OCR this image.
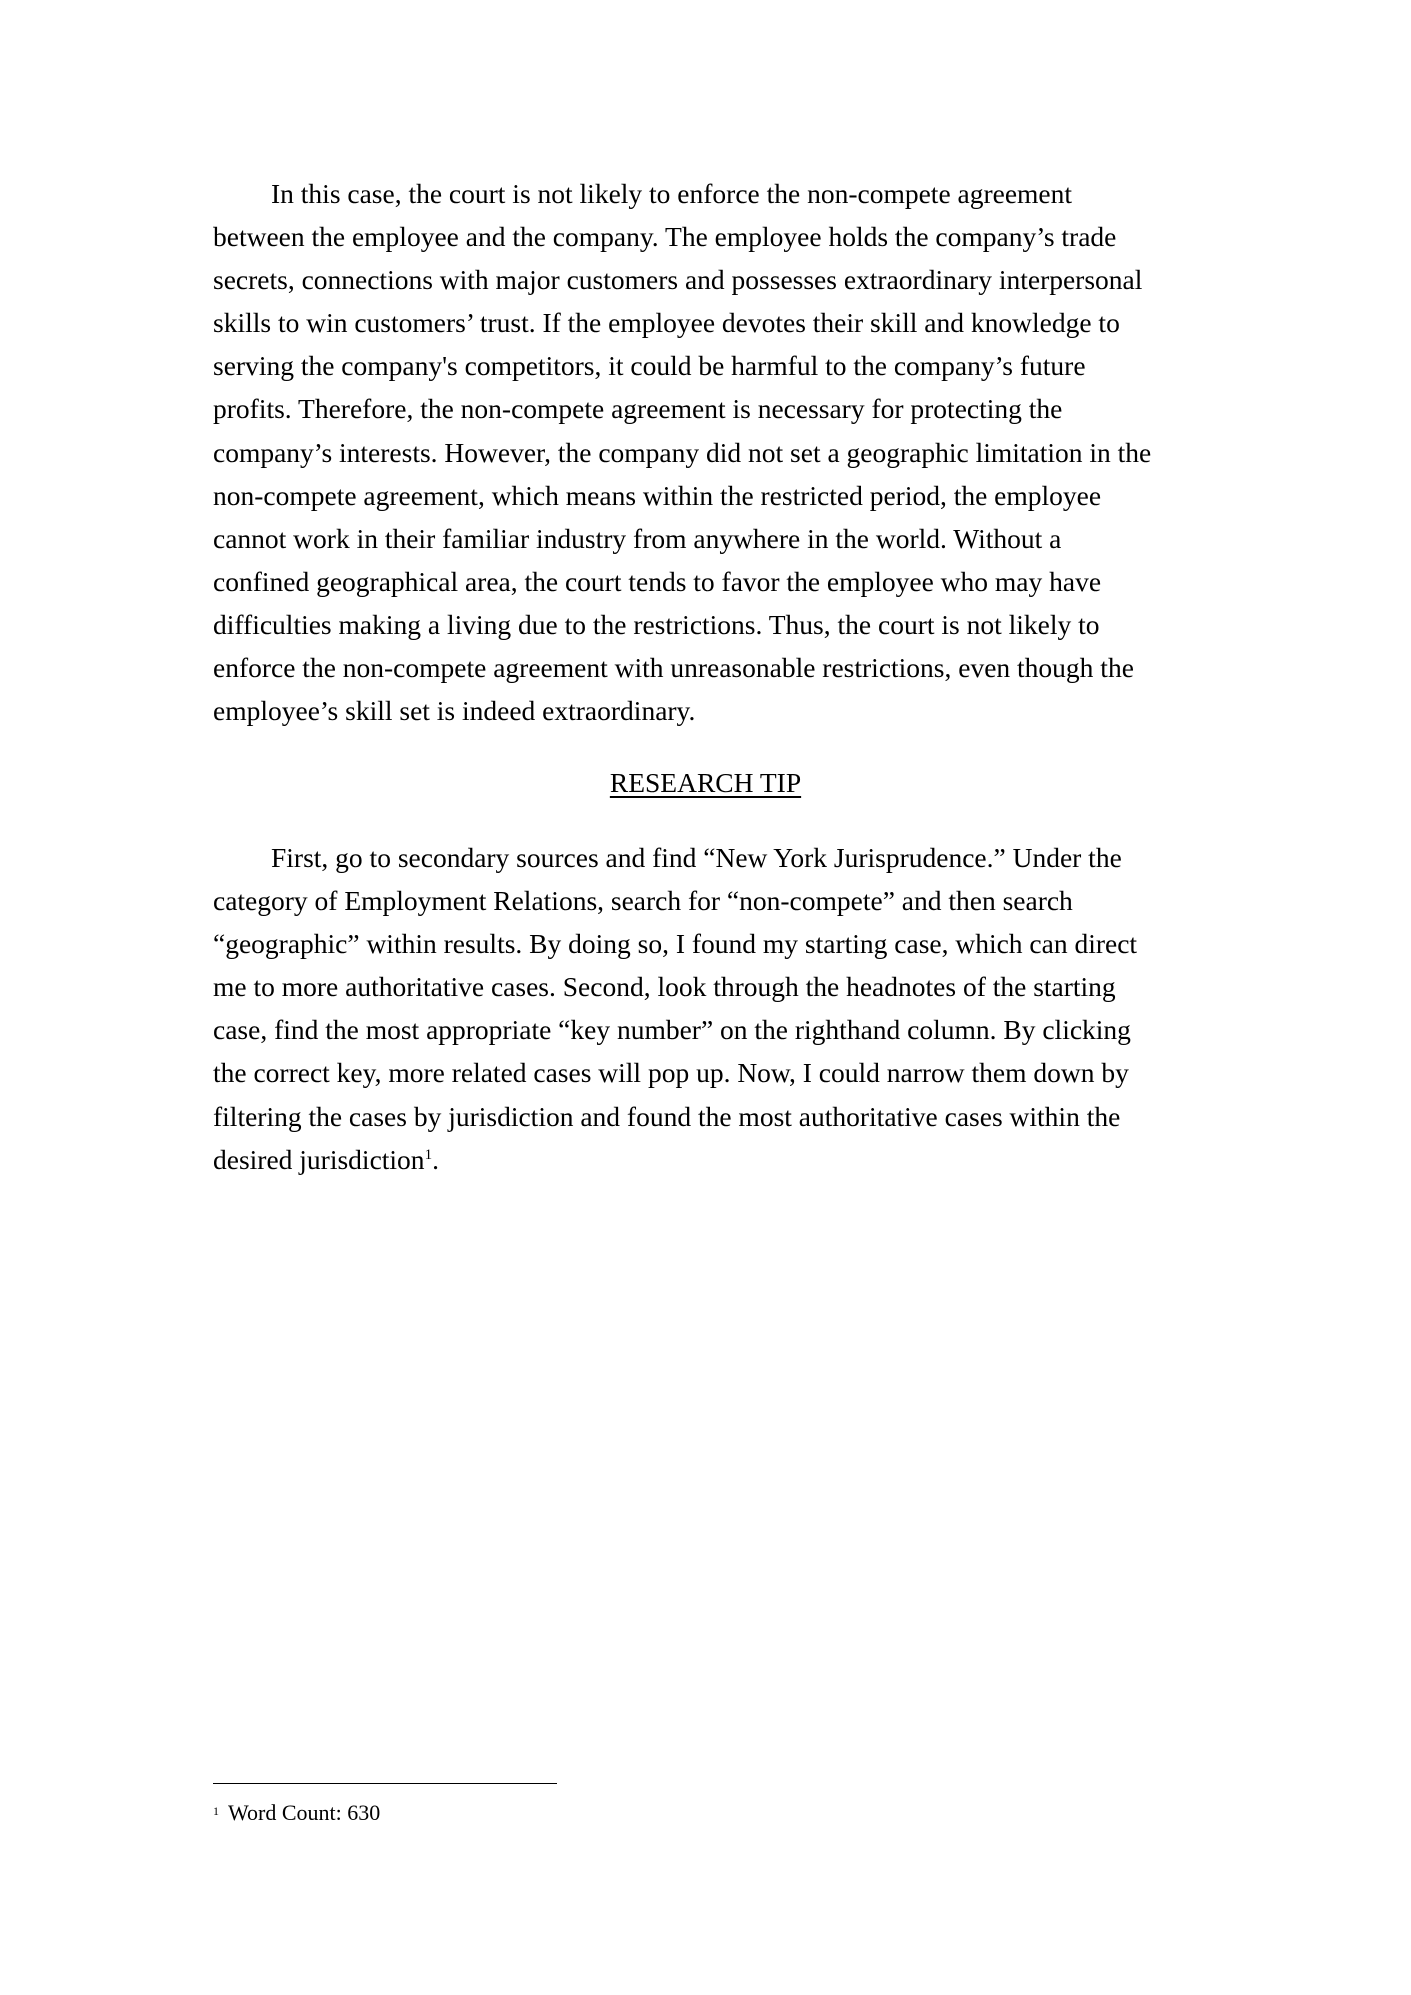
In this case, the court is not likely to enforce the non-compete agreement
between the employee and the company. The employee holds the company’s trade
secrets, connections with major customers and possesses extraordinary interpersonal
skills to win customers’ trust. If the employee devotes their skill and knowledge to
serving the company's competitors, it could be harmful to the company’s future
profits. Therefore, the non-compete agreement is necessary for protecting the
company’s interests. However, the company did not set a geographic limitation in the
non-compete agreement, which means within the restricted period, the employee
cannot work in their familiar industry from anywhere in the world. Without a
confined geographical area, the court tends to favor the employee who may have
difficulties making a living due to the restrictions. Thus, the court is not likely to
enforce the non-compete agreement with unreasonable restrictions, even though the
employee’s skill set is indeed extraordinary.
RESEARCH TIP
First, go to secondary sources and find “New York Jurisprudence.” Under the
category of Employment Relations, search for “non-compete” and then search
“geographic” within results. By doing so, I found my starting case, which can direct
me to more authoritative cases. Second, look through the headnotes of the starting
case, find the most appropriate “key number” on the righthand column. By clicking
the correct key, more related cases will pop up. Now, I could narrow them down by
filtering the cases by jurisdiction and found the most authoritative cases within the
desired jurisdiction$^1$.
$^1$ Word Count: 630
